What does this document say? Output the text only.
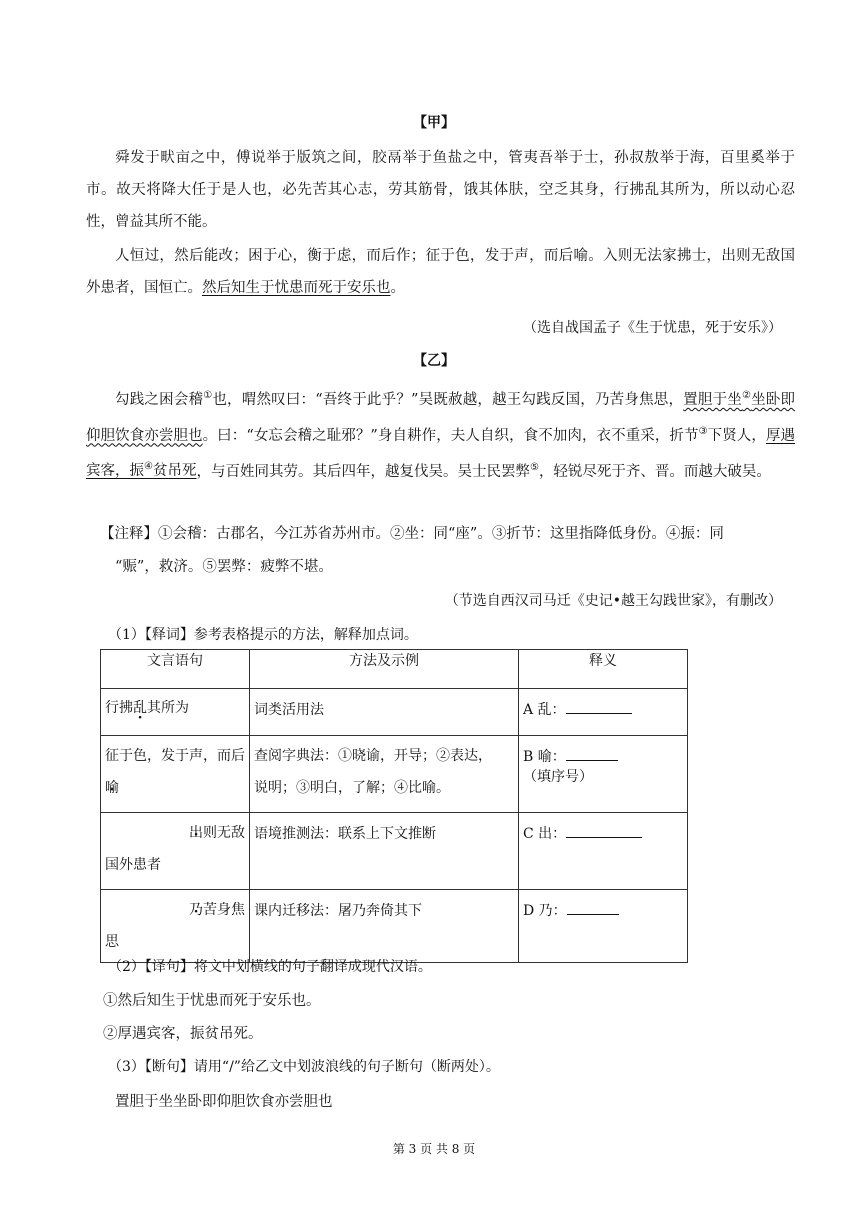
【甲】
舜发于畎亩之中，傅说举于版筑之间，胶鬲举于鱼盐之中，管夷吾举于士，孙叔敖举于海，百里奚举于市。故天将降大任于是人也，必先苦其心志，劳其筋骨，饿其体肤，空乏其身，行拂乱其所为，所以动心忍性，曾益其所不能。
人恒过，然后能改；困于心，衡于虑，而后作；征于色，发于声，而后喻。入则无法家拂士，出则无敌国外患者，国恒亡。然后知生于忧患而死于安乐也。
（选自战国孟子《生于忧患，死于安乐》）
【乙】
勾践之困会稽①也，喟然叹曰：“吾终于此乎？”吴既赦越，越王勾践反国，乃苦身焦思，置胆于坐②坐卧即仰胆饮食亦尝胆也。曰：“女忘会稽之耻邪？”身自耕作，夫人自织，食不加肉，衣不重采，折节③下贤人，厚遇宾客，振④贫吊死，与百姓同其劳。其后四年，越复伐吴。吴士民罢弊⑤，轻锐尽死于齐、晋。而越大破吴。
【注释】①会稽：古郡名，今江苏省苏州市。②坐：同“座”。③折节：这里指降低身份。④振：同
“赈”，救济。⑤罢弊：疲弊不堪。
（节选自西汉司马迁《史记•越王勾践世家》，有删改）
（1）【释词】参考表格提示的方法，解释加点词。
文言语句	方法及示例	释义
行拂乱其所为	词类活用法	A 乱：
征于色，发于声，而后喻 ·	查阅字典法：①晓谕，开导；②表达，
说明；③明白，了解；④比喻。	B 喻：（填序号）

出 ·则无敌
国外患者	语境推测法：联系上下文推断	C 出：

乃 ·苦身焦
思	课内迁移法：屠乃奔倚其下	D 乃：
（2）【译句】将文中划横线的句子翻译成现代汉语。
①然后知生于忧患而死于安乐也。
②厚遇宾客，振贫吊死。
（3）【断句】请用“/”给乙文中划波浪线的句子断句（断两处）。
置胆于坐坐卧即仰胆饮食亦尝胆也
第 3 页 共 8 页
